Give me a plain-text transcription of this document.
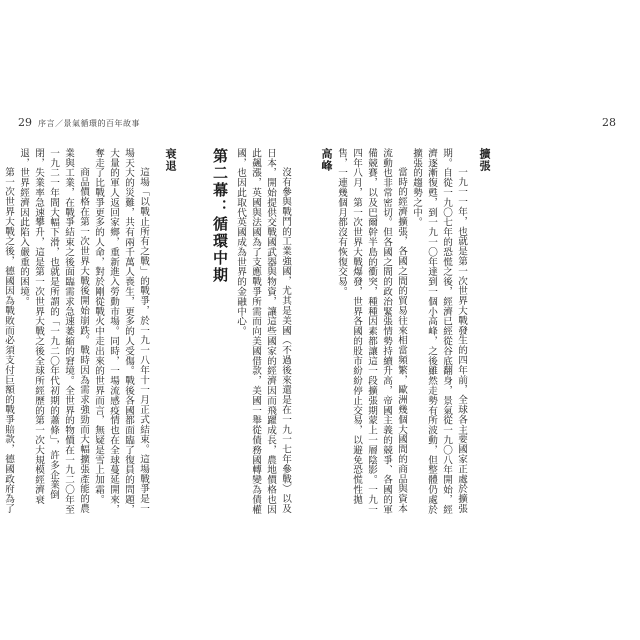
29 序言／景氣循環的百年故事	28
擴張

一九一一年，也就是第一次世界大戰發生的四年前，全球各主要國家正處於擴張期。自從一九〇七年的恐慌之後，經濟已經從谷底翻身，景氣從一九〇八年開始，經濟逐漸復甦，到一九一〇年達到一個小高峰，之後雖然走勢有所波動，但整體仍處於擴張的趨勢之中。

當時的經濟擴張，各國之間的貿易往來相當頻繁，歐洲幾個大國間的商品與資本流動也非常密切。但各國之間的政治緊張情勢持續升高，帝國主義的競爭、各國的軍備競賽，以及巴爾幹半島的衝突，種種因素都讓這一段擴張期蒙上一層陰影。一九一四年八月，第一次世界大戰爆發，世界各國的股市紛紛停止交易，以避免恐慌性拋售，一連幾個月都沒有恢復交易。

高峰

沒有參與戰鬥的工業強國，尤其是美國（不過後來還是在一九一七年參戰）以及日本，開始提供交戰國武器與物資，讓這些國家的經濟因而飛躍成長，農地價格也因此飆漲，英國與法國為了支應戰爭所需而向美國借款，美國一舉從債務國轉變為債權國，也因此取代英國成為世界的金融中心。

第二幕：循環中期
衰退

這場「以戰止所有之戰」的戰爭，於一九一八年十一月正式結束。這場戰爭是一場天大的災難，共有兩千萬人喪生，更多的人受傷。戰後各國都面臨了復員的問題，大量的軍人返回家鄉，重新進入勞動市場。同時，一場流感疫情也在全球蔓延開來，奪走了比戰爭更多的人命，對於剛從戰火中走出來的世界而言，無疑是雪上加霜。

商品價格在第一次世界大戰後開始崩跌。戰時因為需求強勁而大幅擴張產能的農業與工業，在戰爭結束之後面臨需求急速萎縮的窘境。全世界的物價在一九二〇年至一九二一年間大幅下滑，也就是所謂的「一九二〇年代初期的蕭條」，許多企業倒閉，失業率急速攀升，這是第一次世界大戰之後全球所經歷的第一次大規模經濟衰退，世界經濟因此陷入嚴重的困境。

第一次世界大戰之後，德國因為戰敗而必須支付巨額的戰爭賠款，德國政府為了
